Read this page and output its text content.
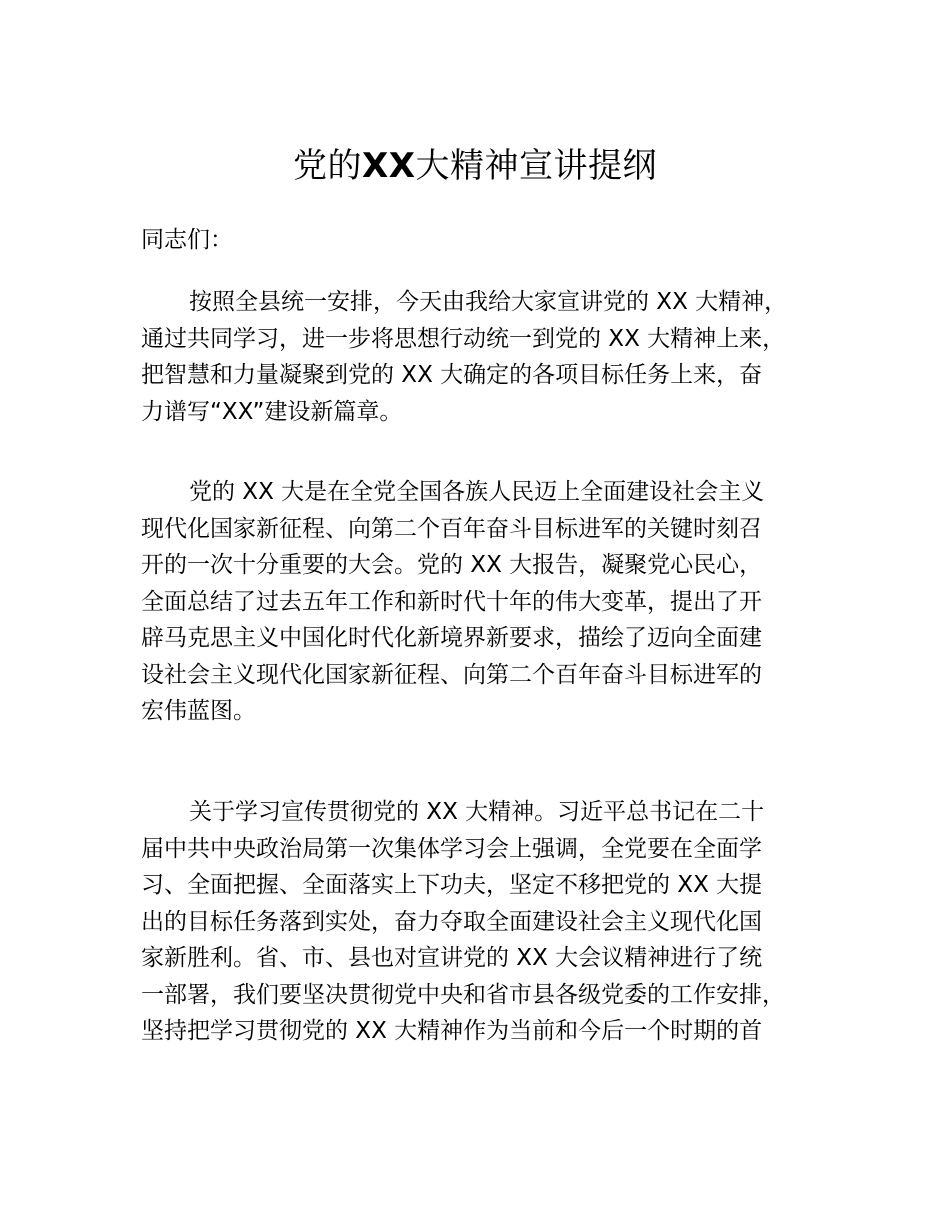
党的XX大精神宣讲提纲

同志们：

按照全县统一安排，今天由我给大家宣讲党的 XX 大精神，
通过共同学习，进一步将思想行动统一到党的 XX 大精神上来，
把智慧和力量凝聚到党的 XX 大确定的各项目标任务上来，奋
力谱写“XX”建设新篇章。
党的 XX 大是在全党全国各族人民迈上全面建设社会主义
现代化国家新征程、向第二个百年奋斗目标进军的关键时刻召
开的一次十分重要的大会。党的 XX 大报告，凝聚党心民心，
全面总结了过去五年工作和新时代十年的伟大变革，提出了开
辟马克思主义中国化时代化新境界新要求，描绘了迈向全面建
设社会主义现代化国家新征程、向第二个百年奋斗目标进军的
宏伟蓝图。
关于学习宣传贯彻党的 XX 大精神。习近平总书记在二十
届中共中央政治局第一次集体学习会上强调，全党要在全面学
习、全面把握、全面落实上下功夫，坚定不移把党的 XX 大提
出的目标任务落到实处，奋力夺取全面建设社会主义现代化国
家新胜利。省、市、县也对宣讲党的 XX 大会议精神进行了统
一部署，我们要坚决贯彻党中央和省市县各级党委的工作安排，
坚持把学习贯彻党的 XX 大精神作为当前和今后一个时期的首
